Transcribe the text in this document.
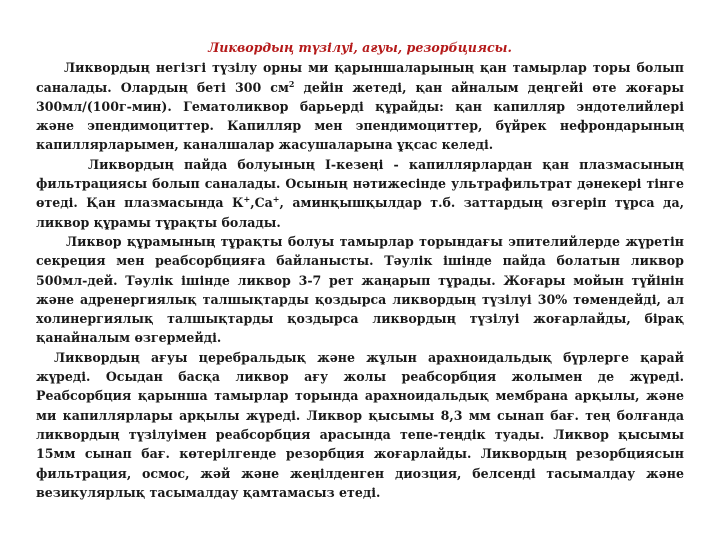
Ликвордың түзілуі, ағуы, резорбциясы.

Ликвордың негізгі түзілу орны ми қарыншаларының қан тамырлар торы болып саналады. Олардың беті 300 $см^2$ дейін жетеді, қан айналым деңгейі өте жоғары 300мл/(100г-мин). Гематоликвор барьерді құрайды: қан капилляр эндотелийлері және эпендимоциттер. Капилляр мен эпендимоциттер, бүйрек нефрондарының капиллярларымен, каналшалар жасушаларына ұқсас келеді.

Ликвордың пайда болуының І-кезеңі - капиллярлардан қан плазмасының фильтрациясы болып саналады. Осының нәтижесінде ультрафильтрат дәнекері тінге өтеді. Қан плазмасында К+,Са+, аминқышқылдар т.б. заттардың өзгеріп тұрса да, ликвор құрамы тұрақты болады.

Ликвор құрамының тұрақты болуы тамырлар торындағы эпителийлерде жүретін секреция мен реабсорбцияға байланысты. Тәулік ішінде пайда болатын ликвор 500мл-дей. Тәулік ішінде ликвор 3-7 рет жаңарып тұрады. Жоғары мойын түйінін және адренергиялық талшықтарды қоздырса ликвордың түзілуі 30% төмендейді, ал холинергиялық талшықтарды қоздырса ликвордың түзілуі жоғарлайды, бірақ қанайналым өзгермейді.

Ликвордың ағуы церебральдық және жұлын арахноидальдық бүрлерге қарай жүреді. Осыдан басқа ликвор ағу жолы реабсорбция жолымен де жүреді. Реабсорбция қарынша тамырлар торында арахноидальдық мембрана арқылы, және ми капиллярлары арқылы жүреді. Ликвор қысымы 8,3 мм сынап бағ. тең болғанда ликвордың түзілуімен реабсорбция арасында тепе-теңдік туады. Ликвор қысымы 15мм сынап бағ. көтерілгенде резорбция жоғарлайды. Ликвордың резорбциясын фильтрация, осмос, жәй және жеңілденген диозция, белсенді тасымалдау және везикулярлық тасымалдау қамтамасыз етеді.
